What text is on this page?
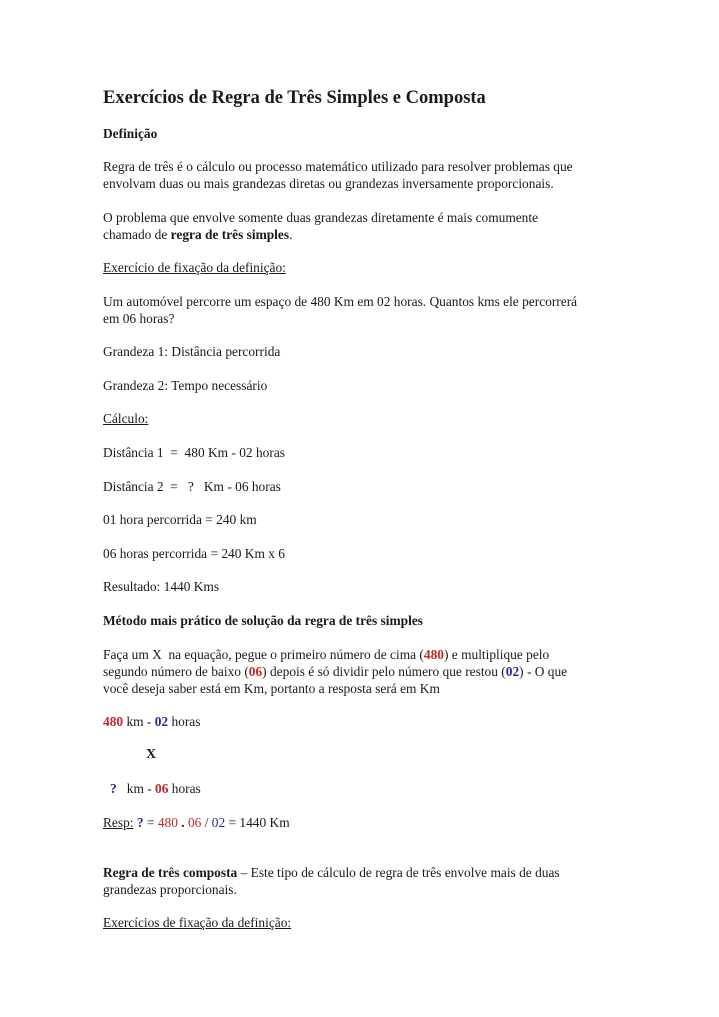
Exercícios de Regra de Três Simples e Composta
Definição
Regra de três é o cálculo ou processo matemático utilizado para resolver problemas que
envolvam duas ou mais grandezas diretas ou grandezas inversamente proporcionais.
O problema que envolve somente duas grandezas diretamente é mais comumente
chamado de regra de três simples.
Exercício de fixação da definição:
Um automóvel percorre um espaço de 480 Km em 02 horas. Quantos kms ele percorrerá
em 06 horas?
Grandeza 1: Distância percorrida
Grandeza 2: Tempo necessário
Cálculo:
Distância 1  =  480 Km - 02 horas
Distância 2  =   ?   Km - 06 horas
01 hora percorrida = 240 km
06 horas percorrida = 240 Km x 6
Resultado: 1440 Kms
Método mais prático de solução da regra de três simples
Faça um X  na equação, pegue o primeiro número de cima (480) e multiplique pelo
segundo número de baixo (06) depois é só dividir pelo número que restou (02) - O que
você deseja saber está em Km, portanto a resposta será em Km
480 km - 02 horas
X
?   km - 06 horas
Resp: ? = 480 . 06 / 02 = 1440 Km
Regra de três composta – Este tipo de cálculo de regra de três envolve mais de duas
grandezas proporcionais.
Exercícios de fixação da definição:
